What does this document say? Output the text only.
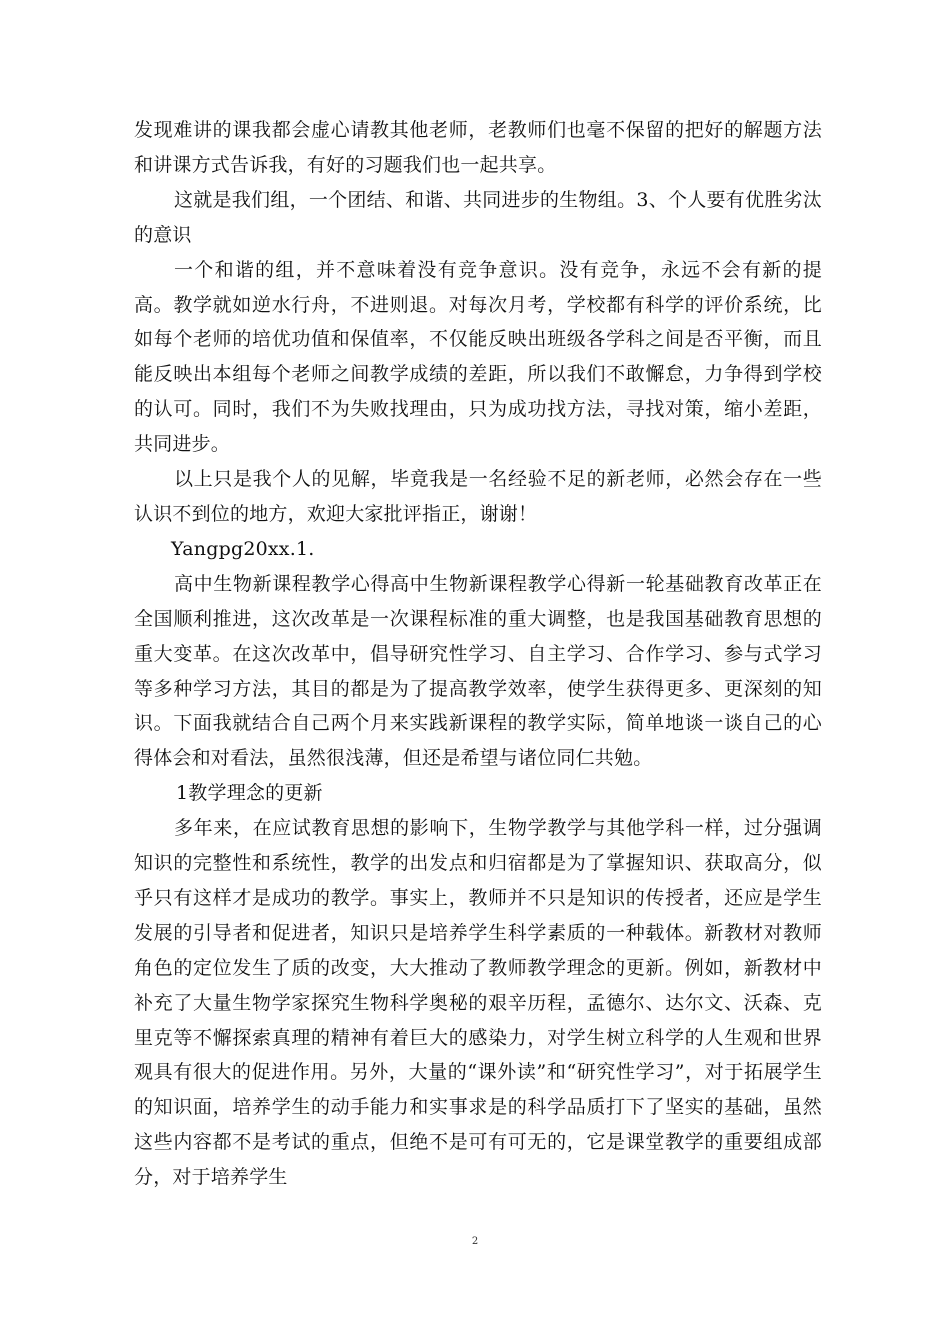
发现难讲的课我都会虚心请教其他老师，老教师们也毫不保留的把好的解题方法和讲课方式告诉我，有好的习题我们也一起共享。

这就是我们组，一个团结、和谐、共同进步的生物组。3、个人要有优胜劣汰的意识

一个和谐的组，并不意味着没有竞争意识。没有竞争，永远不会有新的提高。教学就如逆水行舟，不进则退。对每次月考，学校都有科学的评价系统，比如每个老师的培优功值和保值率，不仅能反映出班级各学科之间是否平衡，而且能反映出本组每个老师之间教学成绩的差距，所以我们不敢懈怠，力争得到学校的认可。同时，我们不为失败找理由，只为成功找方法，寻找对策，缩小差距，共同进步。

以上只是我个人的见解，毕竟我是一名经验不足的新老师，必然会存在一些认识不到位的地方，欢迎大家批评指正，谢谢！

Yangpg20xx.1.

高中生物新课程教学心得高中生物新课程教学心得新一轮基础教育改革正在全国顺利推进，这次改革是一次课程标准的重大调整，也是我国基础教育思想的重大变革。在这次改革中，倡导研究性学习、自主学习、合作学习、参与式学习等多种学习方法，其目的都是为了提高教学效率，使学生获得更多、更深刻的知识。下面我就结合自己两个月来实践新课程的教学实际，简单地谈一谈自己的心得体会和对看法，虽然很浅薄，但还是希望与诸位同仁共勉。

1教学理念的更新

多年来，在应试教育思想的影响下，生物学教学与其他学科一样，过分强调知识的完整性和系统性，教学的出发点和归宿都是为了掌握知识、获取高分，似乎只有这样才是成功的教学。事实上，教师并不只是知识的传授者，还应是学生发展的引导者和促进者，知识只是培养学生科学素质的一种载体。新教材对教师角色的定位发生了质的改变，大大推动了教师教学理念的更新。例如，新教材中补充了大量生物学家探究生物科学奥秘的艰辛历程，孟德尔、达尔文、沃森、克里克等不懈探索真理的精神有着巨大的感染力，对学生树立科学的人生观和世界观具有很大的促进作用。另外，大量的“课外读”和“研究性学习”，对于拓展学生的知识面，培养学生的动手能力和实事求是的科学品质打下了坚实的基础，虽然这些内容都不是考试的重点，但绝不是可有可无的，它是课堂教学的重要组成部分，对于培养学生

2
